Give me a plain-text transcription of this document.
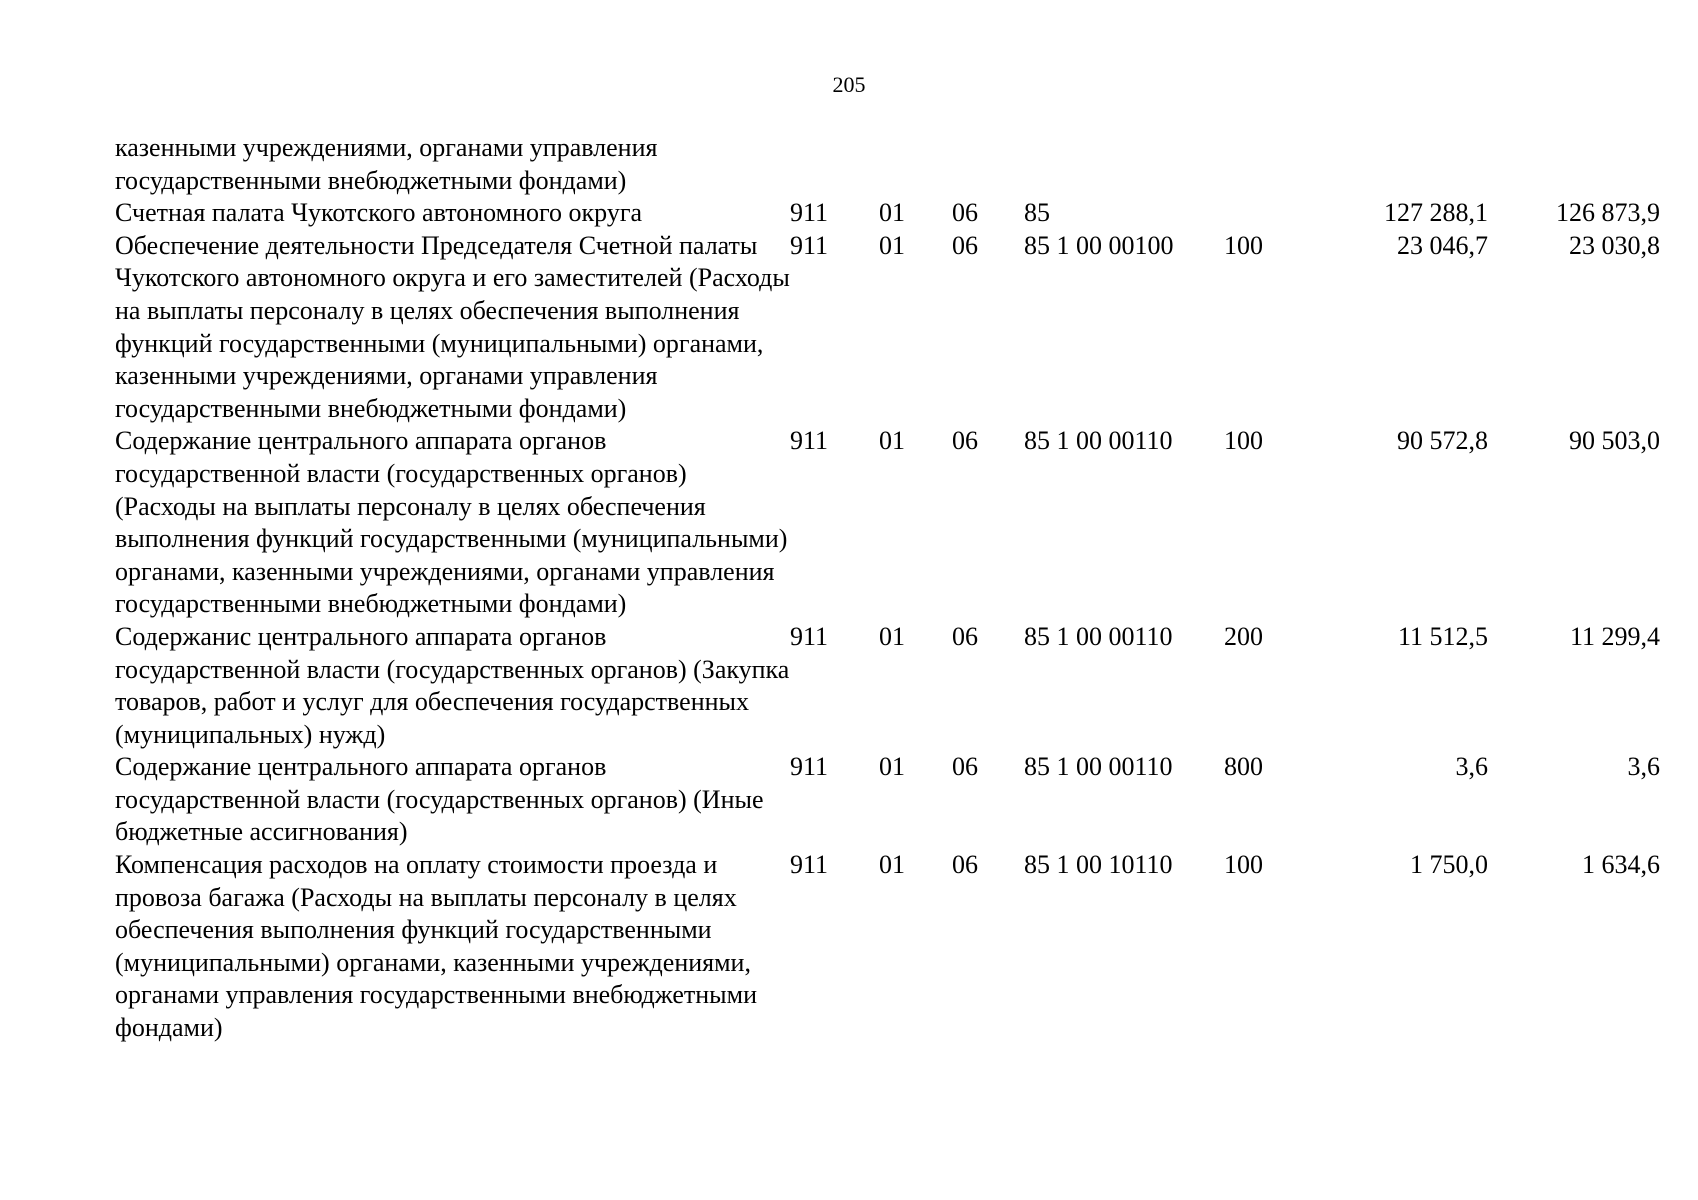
205
казенными учреждениями, органами управления государственными внебюджетными фондами)							
Счетная палата Чукотского автономного округа	911	01	06	85		127 288,1	126 873,9
Обеспечение деятельности Председателя Счетной палаты Чукотского автономного округа и его заместителей (Расходы на выплаты персоналу в целях обеспечения выполнения функций государственными (муниципальными) органами, казенными учреждениями, органами управления государственными внебюджетными фондами)	911	01	06	85 1 00 00100	100	23 046,7	23 030,8
Содержание центрального аппарата органов государственной власти (государственных органов) (Расходы на выплаты персоналу в целях обеспечения выполнения функций государственными (муниципальными) органами, казенными учреждениями, органами управления государственными внебюджетными фондами)	911	01	06	85 1 00 00110	100	90 572,8	90 503,0
Содержанис центрального аппарата органов государственной власти (государственных органов) (Закупка товаров, работ и услуг для обеспечения государственных (муниципальных) нужд)	911	01	06	85 1 00 00110	200	11 512,5	11 299,4
Содержание центрального аппарата органов государственной власти (государственных органов) (Иные бюджетные ассигнования)	911	01	06	85 1 00 00110	800	3,6	3,6
Компенсация расходов на оплату стоимости проезда и провоза багажа (Расходы на выплаты персоналу в целях обеспечения выполнения функций государственными (муниципальными) органами, казенными учреждениями, органами управления государственными внебюджетными фондами)	911	01	06	85 1 00 10110	100	1 750,0	1 634,6
